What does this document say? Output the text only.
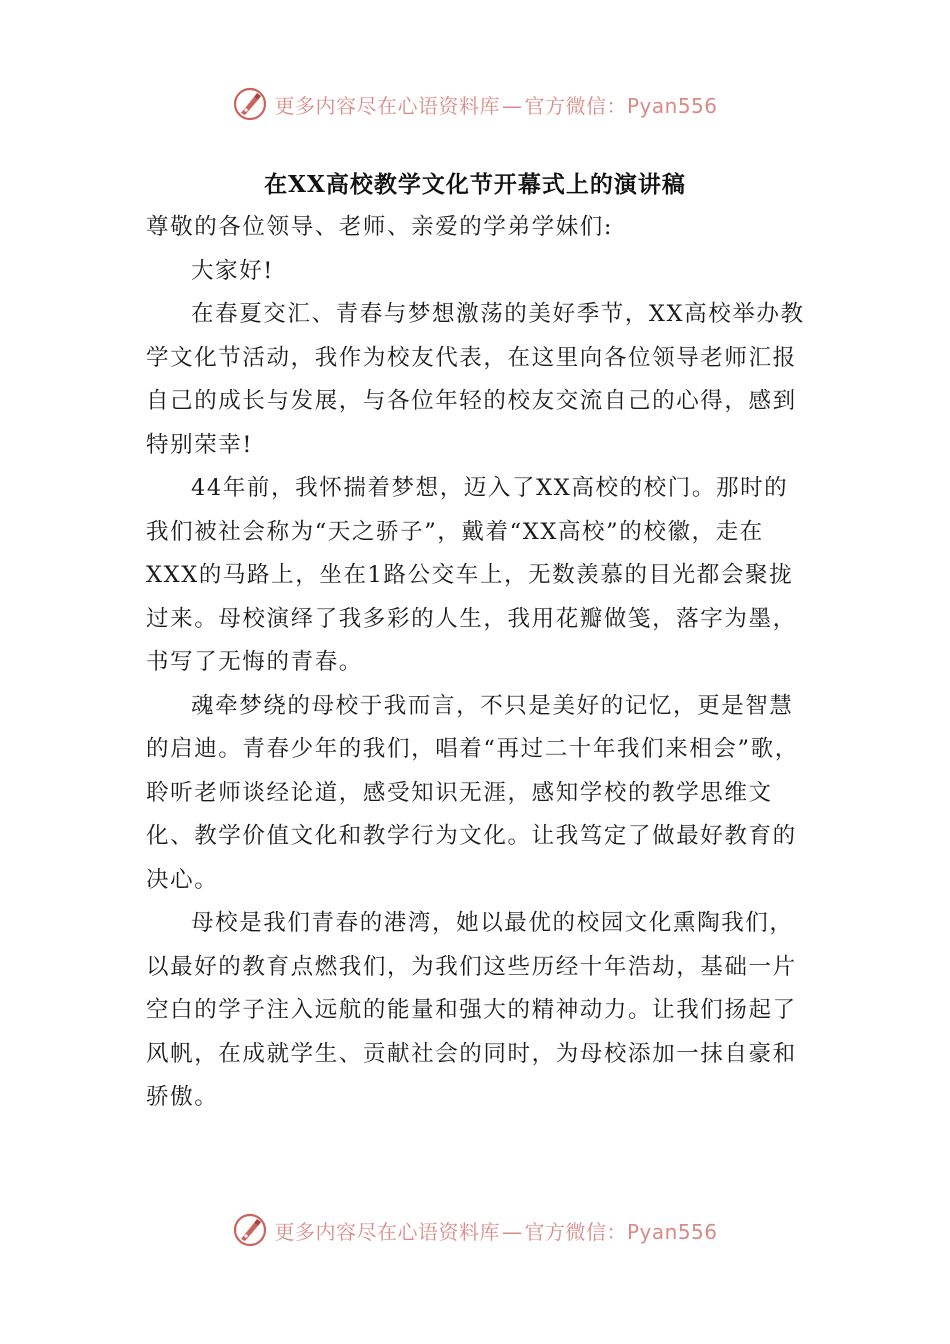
更多内容尽在心语资料库 — 官方微信：Pyan556
在XX高校教学文化节开幕式上的演讲稿

尊敬的各位领导、老师、亲爱的学弟学妹们:

大家好!

在春夏交汇、青春与梦想激荡的美好季节，XX高校举办教学文化节活动，我作为校友代表，在这里向各位领导老师汇报自己的成长与发展，与各位年轻的校友交流自己的心得，感到特别荣幸!

44年前，我怀揣着梦想，迈入了XX高校的校门。那时的我们被社会称为“天之骄子”，戴着“XX高校”的校徽，走在XXX的马路上，坐在1路公交车上，无数羡慕的目光都会聚拢过来。母校演绎了我多彩的人生，我用花瓣做笺，落字为墨，书写了无悔的青春。

魂牵梦绕的母校于我而言，不只是美好的记忆，更是智慧的启迪。青春少年的我们，唱着“再过二十年我们来相会”歌，聆听老师谈经论道，感受知识无涯，感知学校的教学思维文化、教学价值文化和教学行为文化。让我笃定了做最好教育的决心。

母校是我们青春的港湾，她以最优的校园文化熏陶我们，以最好的教育点燃我们，为我们这些历经十年浩劫，基础一片空白的学子注入远航的能量和强大的精神动力。让我们扬起了风帆，在成就学生、贡献社会的同时，为母校添加一抹自豪和骄傲。

更多内容尽在心语资料库 — 官方微信：Pyan556
